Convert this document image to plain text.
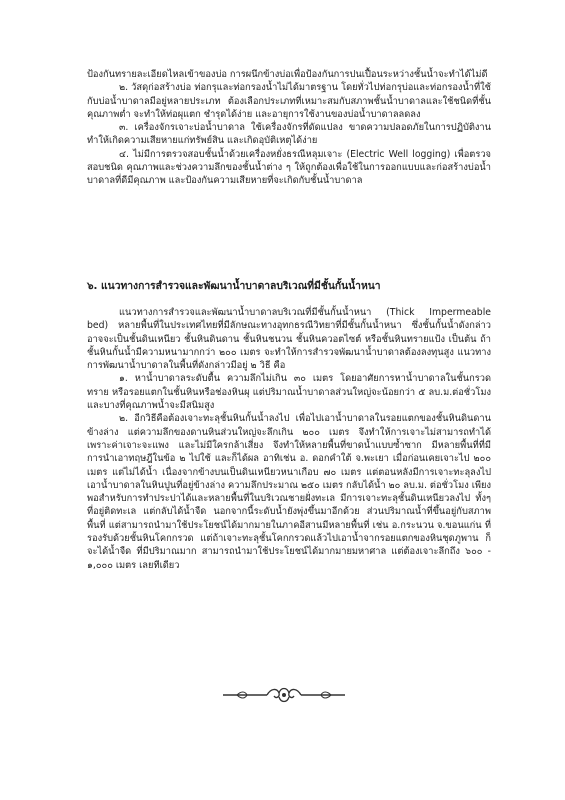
ป้องกันทรายละเอียดไหลเข้าของบ่อ การผนึกข้างบ่อเพื่อป้องกันการปนเปื้อนระหว่างชั้นน้ำจะทำได้ไม่ดี

๒. วัสดุก่อสร้างบ่อ ท่อกรุและท่อกรองน้ำไม่ได้มาตรฐาน โดยทั่วไปท่อกรุบ่อและท่อกรองน้ำที่ใช้กับบ่อน้ำบาดาลมีอยู่หลายประเภท ต้องเลือกประเภทที่เหมาะสมกับสภาพชั้นน้ำบาดาลและใช้ชนิดที่ชั้นคุณภาพต่ำ จะทำให้ท่อผุแตก ชำรุดได้ง่าย และอายุการใช้งานของบ่อน้ำบาดาลลดลง

๓. เครื่องจักรเจาะบ่อน้ำบาดาล ใช้เครื่องจักรที่ดัดแปลง ขาดความปลอดภัยในการปฏิบัติงาน ทำให้เกิดความเสียหายแก่ทรัพย์สิน และเกิดอุบัติเหตุได้ง่าย

๔. ไม่มีการตรวจสอบชั้นน้ำด้วยเครื่องหยั่งธรณีหลุมเจาะ (Electric Well logging) เพื่อตรวจสอบชนิด คุณภาพและช่วงความลึกของชั้นน้ำต่าง ๆ ให้ถูกต้องเพื่อใช้ในการออกแบบและก่อสร้างบ่อน้ำบาดาลที่ดีมีคุณภาพ และป้องกันความเสียหายที่จะเกิดกับชั้นน้ำบาดาล

๖. แนวทางการสำรวจและพัฒนาน้ำบาดาลบริเวณที่มีชั้นกั้นน้ำหนา

แนวทางการสำรวจและพัฒนาน้ำบาดาลบริเวณที่มีชั้นกั้นน้ำหนา (Thick Impermeable bed) หลายพื้นที่ในประเทศไทยที่มีลักษณะทางอุทกธรณีวิทยาที่มีชั้นกั้นน้ำหนา ซึ่งชั้นกั้นน้ำดังกล่าวอาจจะเป็นชั้นดินเหนียว ชั้นหินดินดาน ชั้นหินชนวน ชั้นหินควอตไซต์ หรือชั้นหินทรายแป้ง เป็นต้น ถ้าชั้นหินกั้นน้ำมีความหนามากกว่า ๒๐๐ เมตร จะทำให้การสำรวจพัฒนาน้ำบาดาลต้องลงทุนสูง แนวทางการพัฒนาน้ำบาดาลในพื้นที่ดังกล่าวมีอยู่ ๒ วิธี คือ

๑. หาน้ำบาดาลระดับตื้น ความลึกไม่เกิน ๓๐ เมตร โดยอาศัยการหาน้ำบาดาลในชั้นกรวดทราย หรือรอยแตกในชั้นหินหรือช่องหินผุ แต่ปริมาณน้ำบาดาลส่วนใหญ่จะน้อยกว่า ๕ ลบ.ม.ต่อชั่วโมงและบางที่คุณภาพน้ำจะมีสนิมสูง

๒. อีกวิธีคือต้องเจาะทะลุชั้นหินกั้นน้ำลงไป เพื่อไปเอาน้ำบาดาลในรอยแตกของชั้นหินดินดานข้างล่าง แต่ความลึกของดานหินส่วนใหญ่จะลึกเกิน ๒๐๐ เมตร จึงทำให้การเจาะไม่สามารถทำได้ เพราะค่าเจาะจะแพง และไม่มีใครกล้าเสี่ยง จึงทำให้หลายพื้นที่ขาดน้ำแบบซ้ำซาก มีหลายพื้นที่ที่มีการนำเอาทฤษฎีในข้อ ๒ ไปใช้ และก็ได้ผล อาทิเช่น อ. ดอกคำใต้ จ.พะเยา เมื่อก่อนเคยเจาะไป ๒๐๐ เมตร แต่ไม่ได้น้ำ เนื่องจากข้างบนเป็นดินเหนียวหนาเกือบ ๗๐ เมตร แต่ตอนหลังมีการเจาะทะลุลงไปเอาน้ำบาดาลในหินปูนที่อยู่ข้างล่าง ความลึกประมาณ ๒๕๐ เมตร กลับได้น้ำ ๒๐ ลบ.ม. ต่อชั่วโมง เพียงพอสำหรับการทำประปาได้และหลายพื้นที่ในบริเวณชายฝั่งทะเล มีการเจาะทะลุชั้นดินเหนียวลงไป ทั้งๆ ที่อยู่ติดทะเล แต่กลับได้น้ำจืด นอกจากนี้ระดับน้ำยังพุ่งขึ้นมาอีกด้วย ส่วนปริมาณน้ำที่ขึ้นอยู่กับสภาพพื้นที่ แต่สามารถนำมาใช้ประโยชน์ได้มากมายในภาคอีสานมีหลายพื้นที่ เช่น อ.กระนวน จ.ขอนแก่น ที่รองรับด้วยชั้นหินโคกกรวด แต่ถ้าเจาะทะลุชั้นโคกกรวดแล้วไปเอาน้ำจากรอยแตกของหินชุดภูพาน ก็จะได้น้ำจืด ที่มีปริมาณมาก สามารถนำมาใช้ประโยชน์ได้มากมายมหาศาล แต่ต้องเจาะลึกถึง ๖๐๐ - ๑,๐๐๐ เมตร เลยทีเดียว
